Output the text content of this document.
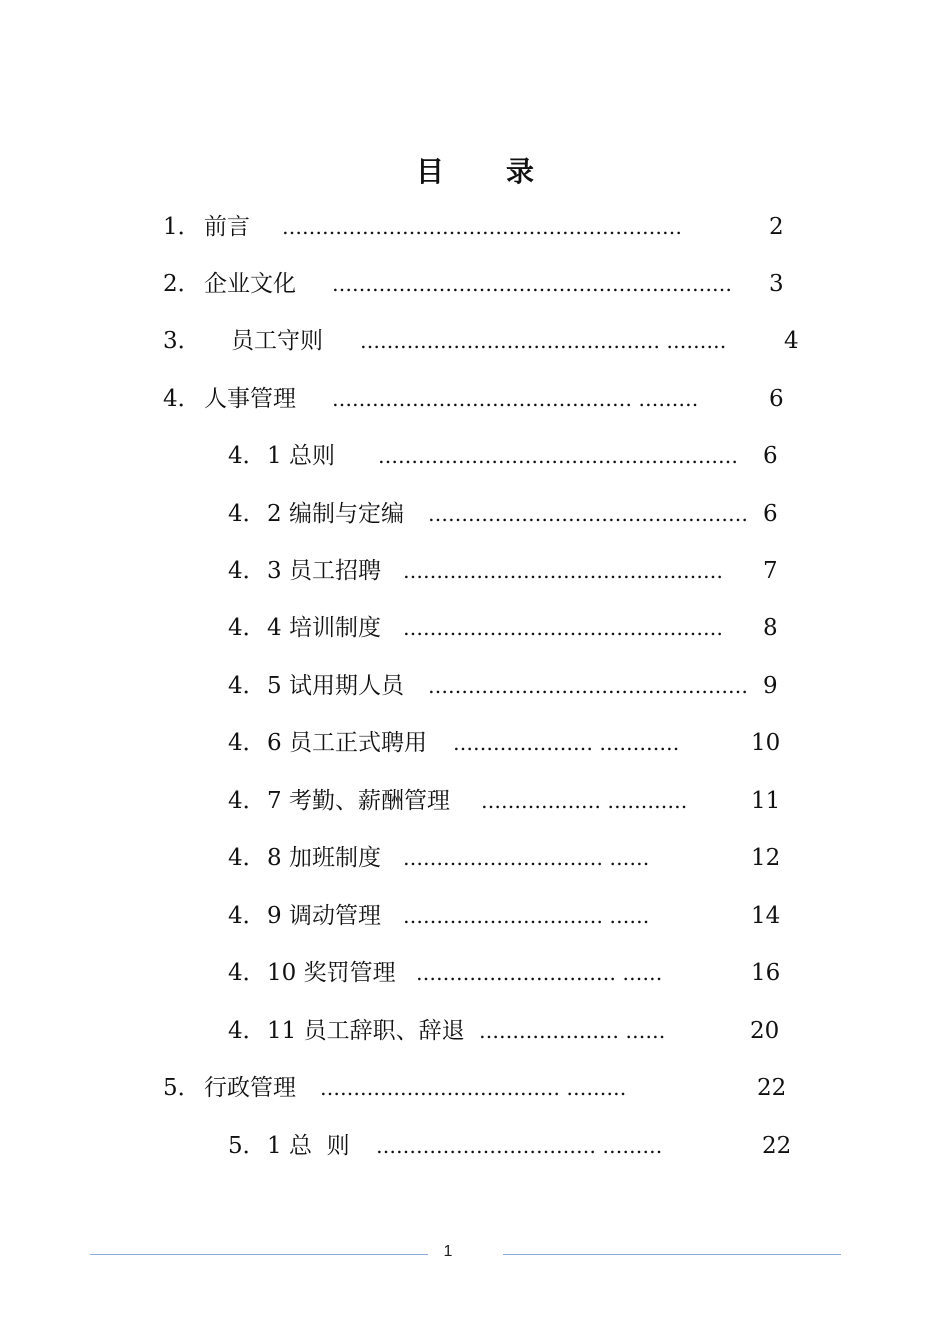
目 录
1． 前言 ……………………………………………………	2
2． 企业文化 ……………………………………………………	3
3． 员工守则 ……………………………………… ………	4
4． 人事管理 ……………………………………… ………	6
4． 1 总则 ………………………………………………	6
4． 2 编制与定编 ………………………………………… 6
4． 3 员工招聘 …………………………………………	7
4． 4 培训制度 …………………………………………	8
4． 5 试用期人员 ………………………………………… 9
4． 6 员工正式聘用 ………………… …………	10
4． 7 考勤、薪酬管理 ……………… …………	11
4． 8 加班制度 ………………………… ……	12
4． 9 调动管理 ………………………… ……	14
4． 10 奖罚管理 ………………………… ……	16
4． 11 员工辞职、辞退 ………………… ……	20
5． 行政管理 ……………………………… ………	22
5． 1 总  则 …………………………… ………	22
1
